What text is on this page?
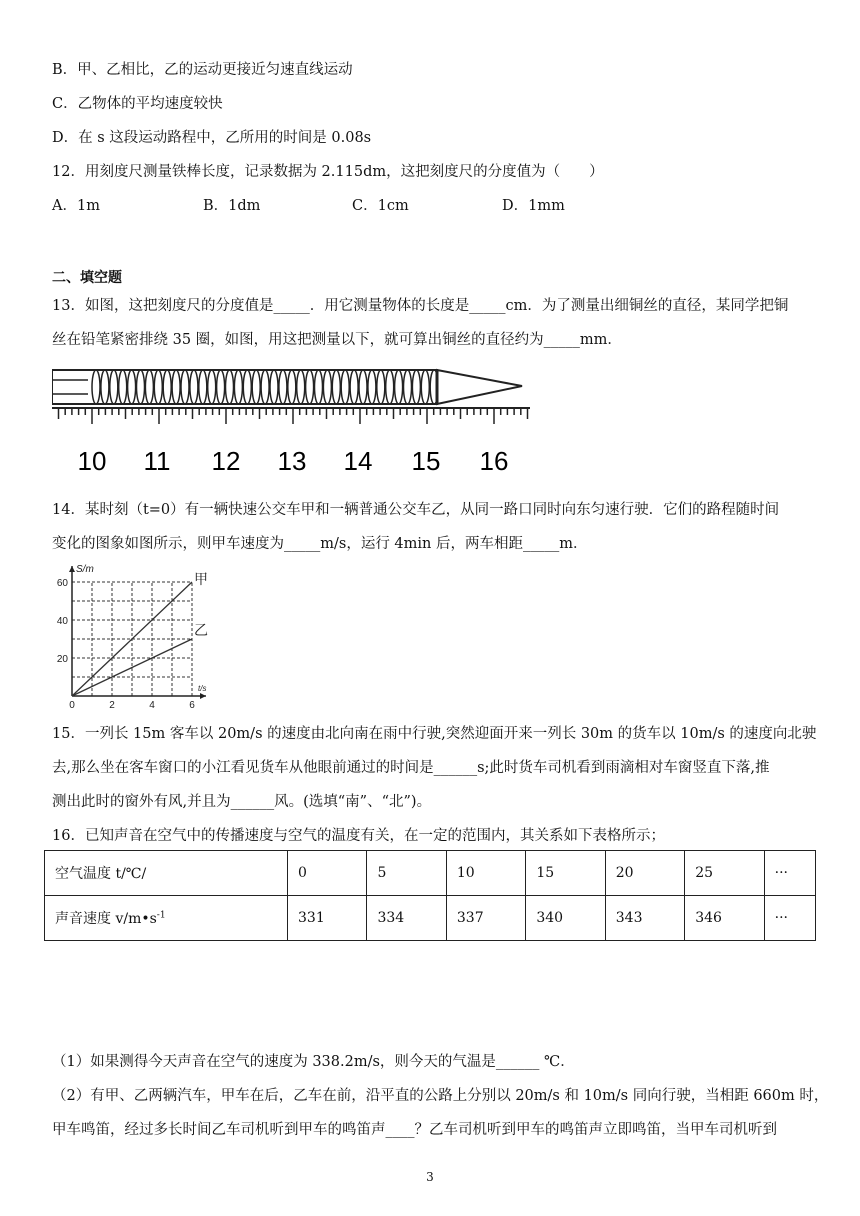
B．甲、乙相比，乙的运动更接近匀速直线运动
C．乙物体的平均速度较快
D．在 s 这段运动路程中，乙所用的时间是 0.08s
12．用刻度尺测量铁棒长度，记录数据为 2.115dm，这把刻度尺的分度值为（　　）
A．1m	B．1dm	C．1cm	D．1mm
二、填空题
13．如图，这把刻度尺的分度值是_____．用它测量物体的长度是_____cm．为了测量出细铜丝的直径，某同学把铜
丝在铅笔紧密排绕 35 圈，如图，用这把测量以下，就可算出铜丝的直径约为_____mm．
10 11 12 13 14 15 16
14．某时刻（t=0）有一辆快速公交车甲和一辆普通公交车乙，从同一路口同时向东匀速行驶．它们的路程随时间
变化的图象如图所示，则甲车速度为_____m/s，运行 4min 后，两车相距_____m．
0	2	4	6
20
40
60
S/m
t/s
甲
乙
15．一列长 15m 客车以 20m/s 的速度由北向南在雨中行驶,突然迎面开来一列长 30m 的货车以 10m/s 的速度向北驶
去,那么坐在客车窗口的小江看见货车从他眼前通过的时间是______s;此时货车司机看到雨滴相对车窗竖直下落,推
测出此时的窗外有风,并且为______风。(选填“南”、“北”)。
16．已知声音在空气中的传播速度与空气的温度有关，在一定的范围内，其关系如下表格所示；
空气温度 t/℃/	0	5	10	15	20	25	···
声音速度 $v/m•s^{-1}$	331	334	337	340	343	346	···
（1）如果测得今天声音在空气的速度为 338.2m/s，则今天的气温是______ ℃．
（2）有甲、乙两辆汽车，甲车在后，乙车在前，沿平直的公路上分别以 20m/s 和 10m/s 同向行驶，当相距 660m 时，
甲车鸣笛，经过多长时间乙车司机听到甲车的鸣笛声____？乙车司机听到甲车的鸣笛声立即鸣笛，当甲车司机听到
3
